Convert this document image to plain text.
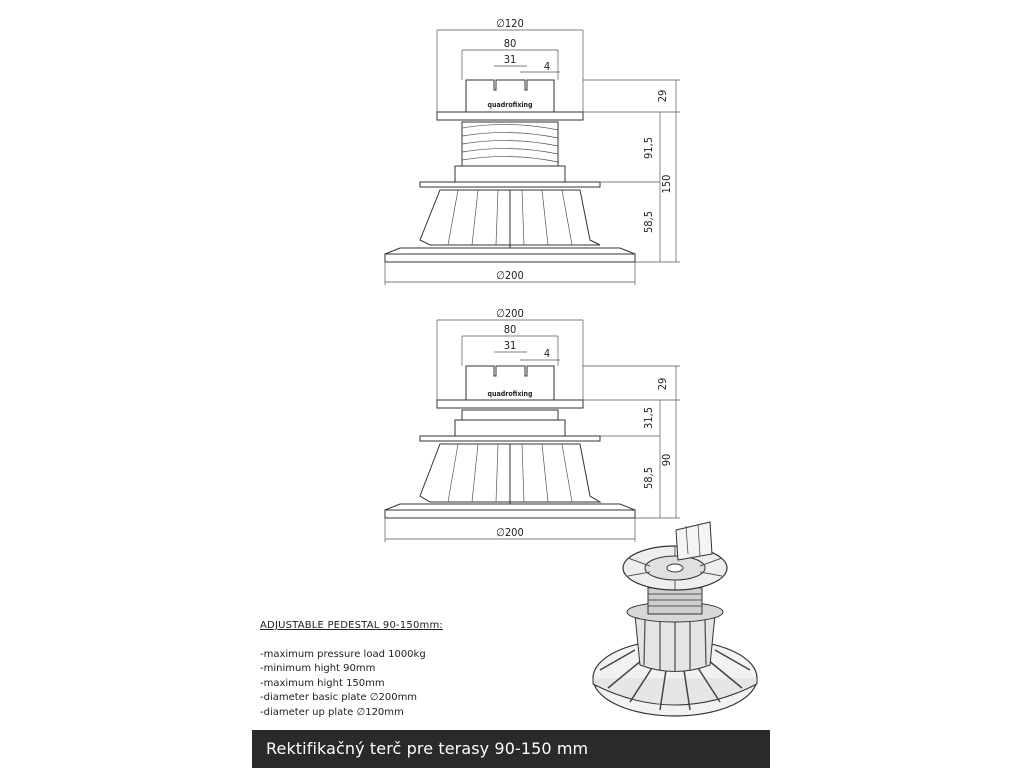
∅120
80
31
4
quadrofixing
∅200
29
91,5
150
58,5
∅200
80
31
4
quadrofixing
∅200
29
31,5
90
58,5
ADJUSTABLE PEDESTAL 90-150mm:
-maximum pressure load 1000kg
-minimum hight 90mm
-maximum hight 150mm
-diameter basic plate ∅200mm
-diameter up plate ∅120mm
Rektifikačný terč pre terasy 90-150 mm
